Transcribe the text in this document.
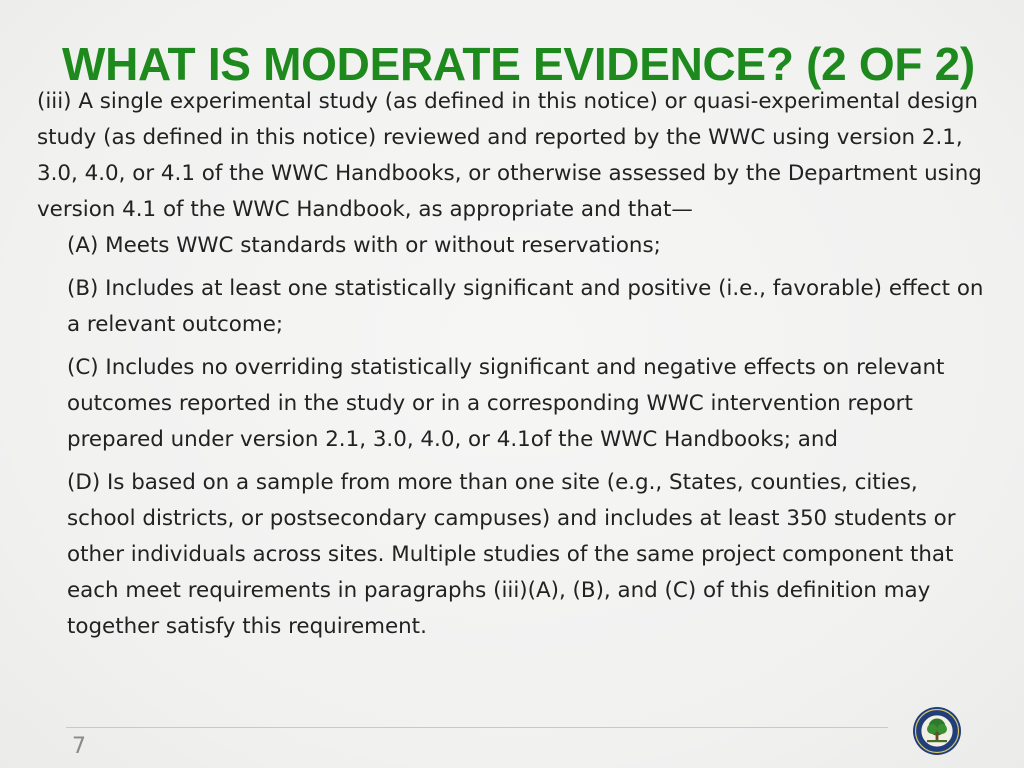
WHAT IS MODERATE EVIDENCE? (2 OF 2)

(iii) A single experimental study (as defined in this notice) or quasi-experimental design study (as defined in this notice) reviewed and reported by the WWC using version 2.1, 3.0, 4.0, or 4.1 of the WWC Handbooks, or otherwise assessed by the Department using version 4.1 of the WWC Handbook, as appropriate and that—

(A) Meets WWC standards with or without reservations;

(B) Includes at least one statistically significant and positive (i.e., favorable) effect on a relevant outcome;

(C) Includes no overriding statistically significant and negative effects on relevant outcomes reported in the study or in a corresponding WWC intervention report prepared under version 2.1, 3.0, 4.0, or 4.1of the WWC Handbooks; and

(D) Is based on a sample from more than one site (e.g., States, counties, cities, school districts, or postsecondary campuses) and includes at least 350 students or other individuals across sites. Multiple studies of the same project component that each meet requirements in paragraphs (iii)(A), (B), and (C) of this definition may together satisfy this requirement.

7
